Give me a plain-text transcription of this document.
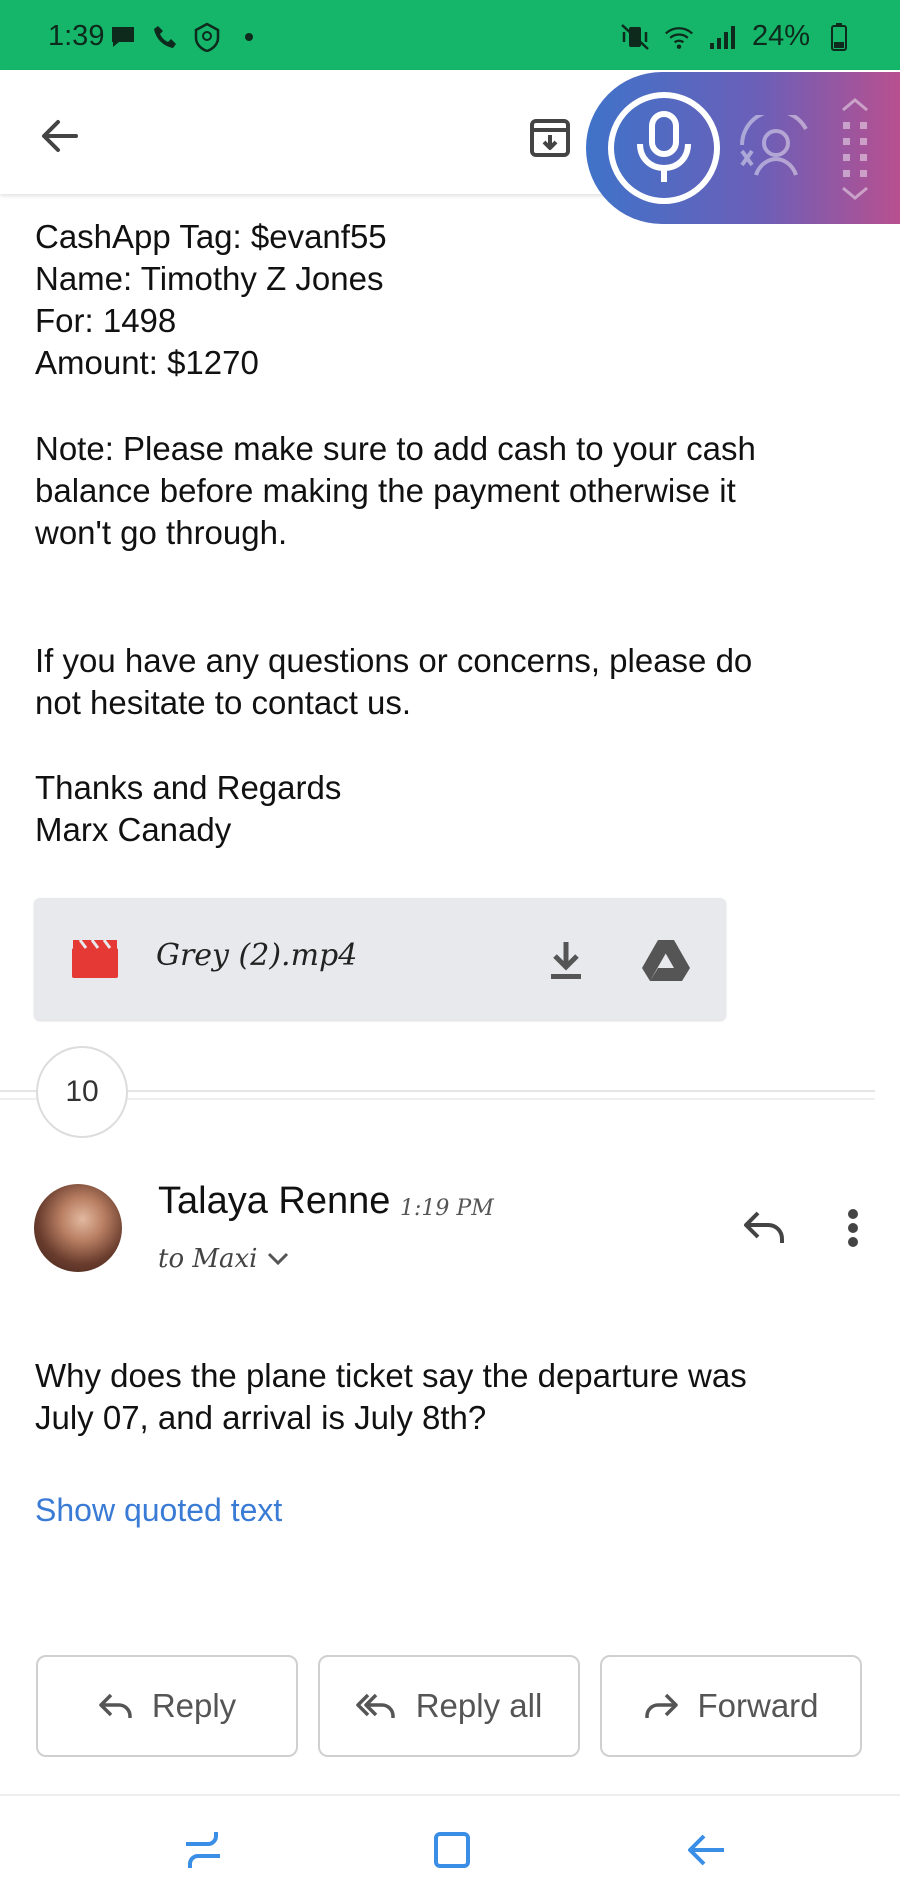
1:39	24%
CashApp Tag: $evanf55
Name: Timothy Z Jones
For: 1498
Amount: $1270
Note: Please make sure to add cash to your cash
balance before making the payment otherwise it
won't go through.
If you have any questions or concerns, please do
not hesitate to contact us.
Thanks and Regards
Marx Canady
Grey (2).mp4
10
Talaya Renne 1:19 PM
to Maxi
Why does the plane ticket say the departure was
July 07, and arrival is July 8th?
Show quoted text
Reply	Reply all	Forward
